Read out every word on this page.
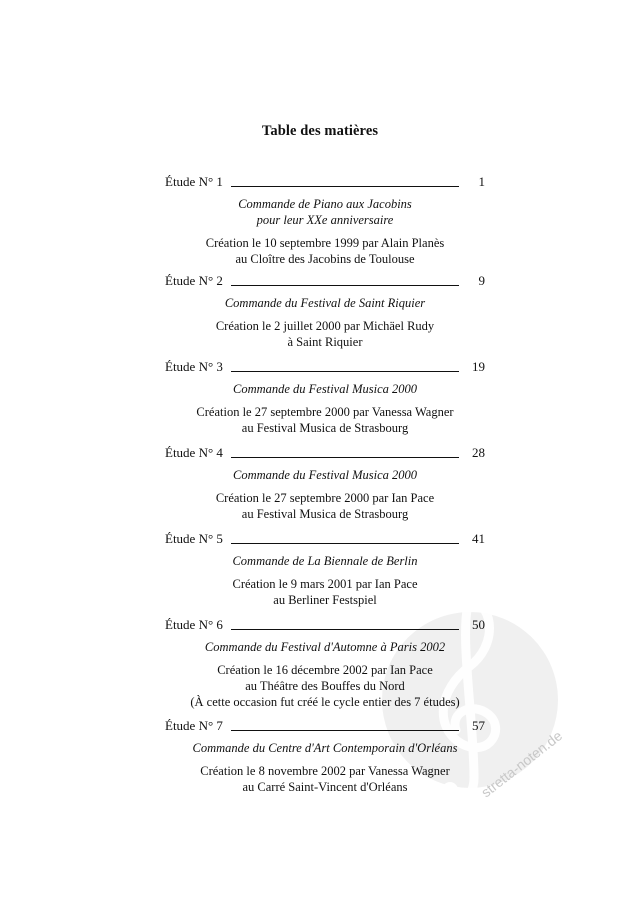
Table des matières
stretta-noten.de
Étude N° 1	1
Commande de Piano aux Jacobins
pour leur XXe anniversaire
Création le 10 septembre 1999 par Alain Planès
au Cloître des Jacobins de Toulouse
Étude N° 2	9
Commande du Festival de Saint Riquier
Création le 2 juillet 2000 par Michäel Rudy
à Saint Riquier
Étude N° 3	19
Commande du Festival Musica 2000
Création le 27 septembre 2000 par Vanessa Wagner
au Festival Musica de Strasbourg
Étude N° 4	28
Commande du Festival Musica 2000
Création le 27 septembre 2000 par Ian Pace
au Festival Musica de Strasbourg
Étude N° 5	41
Commande de La Biennale de Berlin
Création le 9 mars 2001 par Ian Pace
au Berliner Festspiel
Étude N° 6	50
Commande du Festival d'Automne à Paris 2002
Création le 16 décembre 2002 par Ian Pace
au Théâtre des Bouffes du Nord
(À cette occasion fut créé le cycle entier des 7 études)
Étude N° 7	57
Commande du Centre d'Art Contemporain d'Orléans
Création le 8 novembre 2002 par Vanessa Wagner
au Carré Saint-Vincent d'Orléans
